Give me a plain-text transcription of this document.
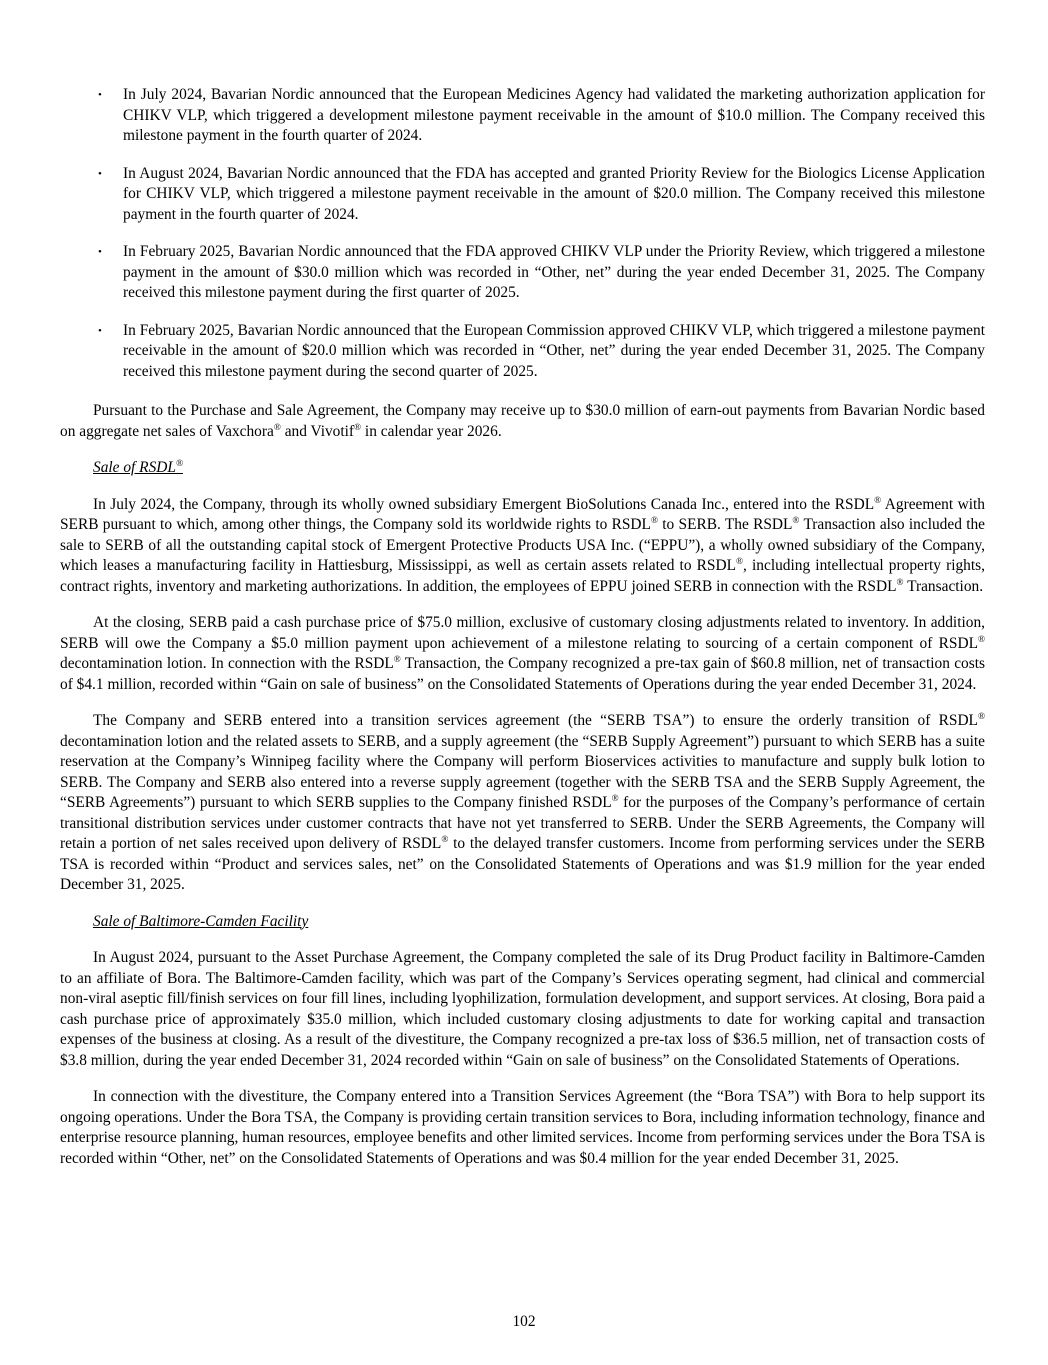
•	In July 2024, Bavarian Nordic announced that the European Medicines Agency had validated the marketing authorization application for CHIKV VLP, which triggered a development milestone payment receivable in the amount of $10.0 million. The Company received this milestone payment in the fourth quarter of 2024.
•	In August 2024, Bavarian Nordic announced that the FDA has accepted and granted Priority Review for the Biologics License Application for CHIKV VLP, which triggered a milestone payment receivable in the amount of $20.0 million. The Company received this milestone payment in the fourth quarter of 2024.
•	In February 2025, Bavarian Nordic announced that the FDA approved CHIKV VLP under the Priority Review, which triggered a milestone payment in the amount of $30.0 million which was recorded in “Other, net” during the year ended December 31, 2025. The Company received this milestone payment during the first quarter of 2025.
•	In February 2025, Bavarian Nordic announced that the European Commission approved CHIKV VLP, which triggered a milestone payment receivable in the amount of $20.0 million which was recorded in “Other, net” during the year ended December 31, 2025. The Company received this milestone payment during the second quarter of 2025.

Pursuant to the Purchase and Sale Agreement, the Company may receive up to $30.0 million of earn-out payments from Bavarian Nordic based on aggregate net sales of Vaxchora® and Vivotif® in calendar year 2026.

Sale of RSDL®

In July 2024, the Company, through its wholly owned subsidiary Emergent BioSolutions Canada Inc., entered into the RSDL® Agreement with SERB pursuant to which, among other things, the Company sold its worldwide rights to RSDL® to SERB. The RSDL® Transaction also included the sale to SERB of all the outstanding capital stock of Emergent Protective Products USA Inc. (“EPPU”), a wholly owned subsidiary of the Company, which leases a manufacturing facility in Hattiesburg, Mississippi, as well as certain assets related to RSDL®, including intellectual property rights, contract rights, inventory and marketing authorizations. In addition, the employees of EPPU joined SERB in connection with the RSDL® Transaction.

At the closing, SERB paid a cash purchase price of $75.0 million, exclusive of customary closing adjustments related to inventory. In addition, SERB will owe the Company a $5.0 million payment upon achievement of a milestone relating to sourcing of a certain component of RSDL® decontamination lotion. In connection with the RSDL® Transaction, the Company recognized a pre-tax gain of $60.8 million, net of transaction costs of $4.1 million, recorded within “Gain on sale of business” on the Consolidated Statements of Operations during the year ended December 31, 2024.

The Company and SERB entered into a transition services agreement (the “SERB TSA”) to ensure the orderly transition of RSDL® decontamination lotion and the related assets to SERB, and a supply agreement (the “SERB Supply Agreement”) pursuant to which SERB has a suite reservation at the Company’s Winnipeg facility where the Company will perform Bioservices activities to manufacture and supply bulk lotion to SERB. The Company and SERB also entered into a reverse supply agreement (together with the SERB TSA and the SERB Supply Agreement, the “SERB Agreements”) pursuant to which SERB supplies to the Company finished RSDL® for the purposes of the Company’s performance of certain transitional distribution services under customer contracts that have not yet transferred to SERB. Under the SERB Agreements, the Company will retain a portion of net sales received upon delivery of RSDL® to the delayed transfer customers. Income from performing services under the SERB TSA is recorded within “Product and services sales, net” on the Consolidated Statements of Operations and was $1.9 million for the year ended December 31, 2025.

Sale of Baltimore-Camden Facility

In August 2024, pursuant to the Asset Purchase Agreement, the Company completed the sale of its Drug Product facility in Baltimore-Camden to an affiliate of Bora. The Baltimore-Camden facility, which was part of the Company’s Services operating segment, had clinical and commercial non-viral aseptic fill/finish services on four fill lines, including lyophilization, formulation development, and support services. At closing, Bora paid a cash purchase price of approximately $35.0 million, which included customary closing adjustments to date for working capital and transaction expenses of the business at closing. As a result of the divestiture, the Company recognized a pre-tax loss of $36.5 million, net of transaction costs of $3.8 million, during the year ended December 31, 2024 recorded within “Gain on sale of business” on the Consolidated Statements of Operations.

In connection with the divestiture, the Company entered into a Transition Services Agreement (the “Bora TSA”) with Bora to help support its ongoing operations. Under the Bora TSA, the Company is providing certain transition services to Bora, including information technology, finance and enterprise resource planning, human resources, employee benefits and other limited services. Income from performing services under the Bora TSA is recorded within “Other, net” on the Consolidated Statements of Operations and was $0.4 million for the year ended December 31, 2025.

102
